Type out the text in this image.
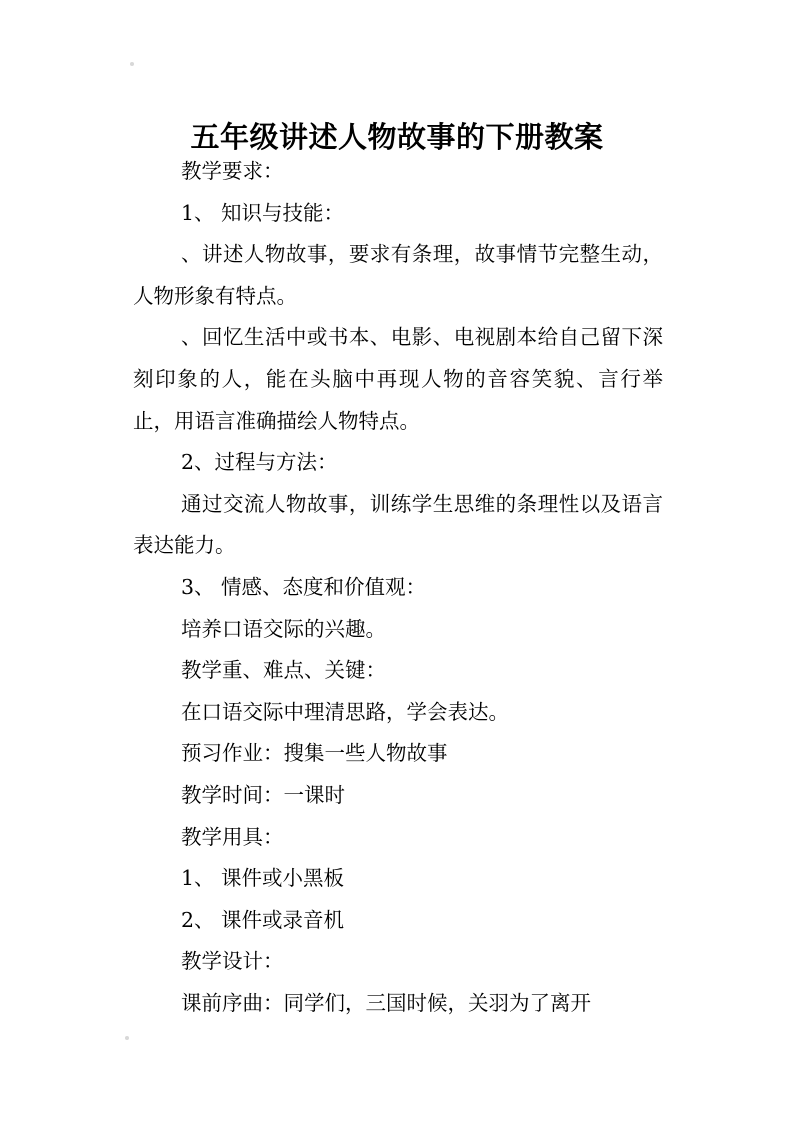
五年级讲述人物故事的下册教案

教学要求：

1、 知识与技能：

、讲述人物故事，要求有条理，故事情节完整生动，人物形象有特点。

、回忆生活中或书本、电影、电视剧本给自己留下深刻印象的人，能在头脑中再现人物的音容笑貌、言行举止，用语言准确描绘人物特点。

2、过程与方法：

通过交流人物故事，训练学生思维的条理性以及语言表达能力。

3、 情感、态度和价值观：

培养口语交际的兴趣。

教学重、难点、关键：

在口语交际中理清思路，学会表达。

预习作业：搜集一些人物故事

教学时间：一课时

教学用具：

1、 课件或小黑板

2、 课件或录音机

教学设计：

课前序曲：同学们，三国时候，关羽为了离开
